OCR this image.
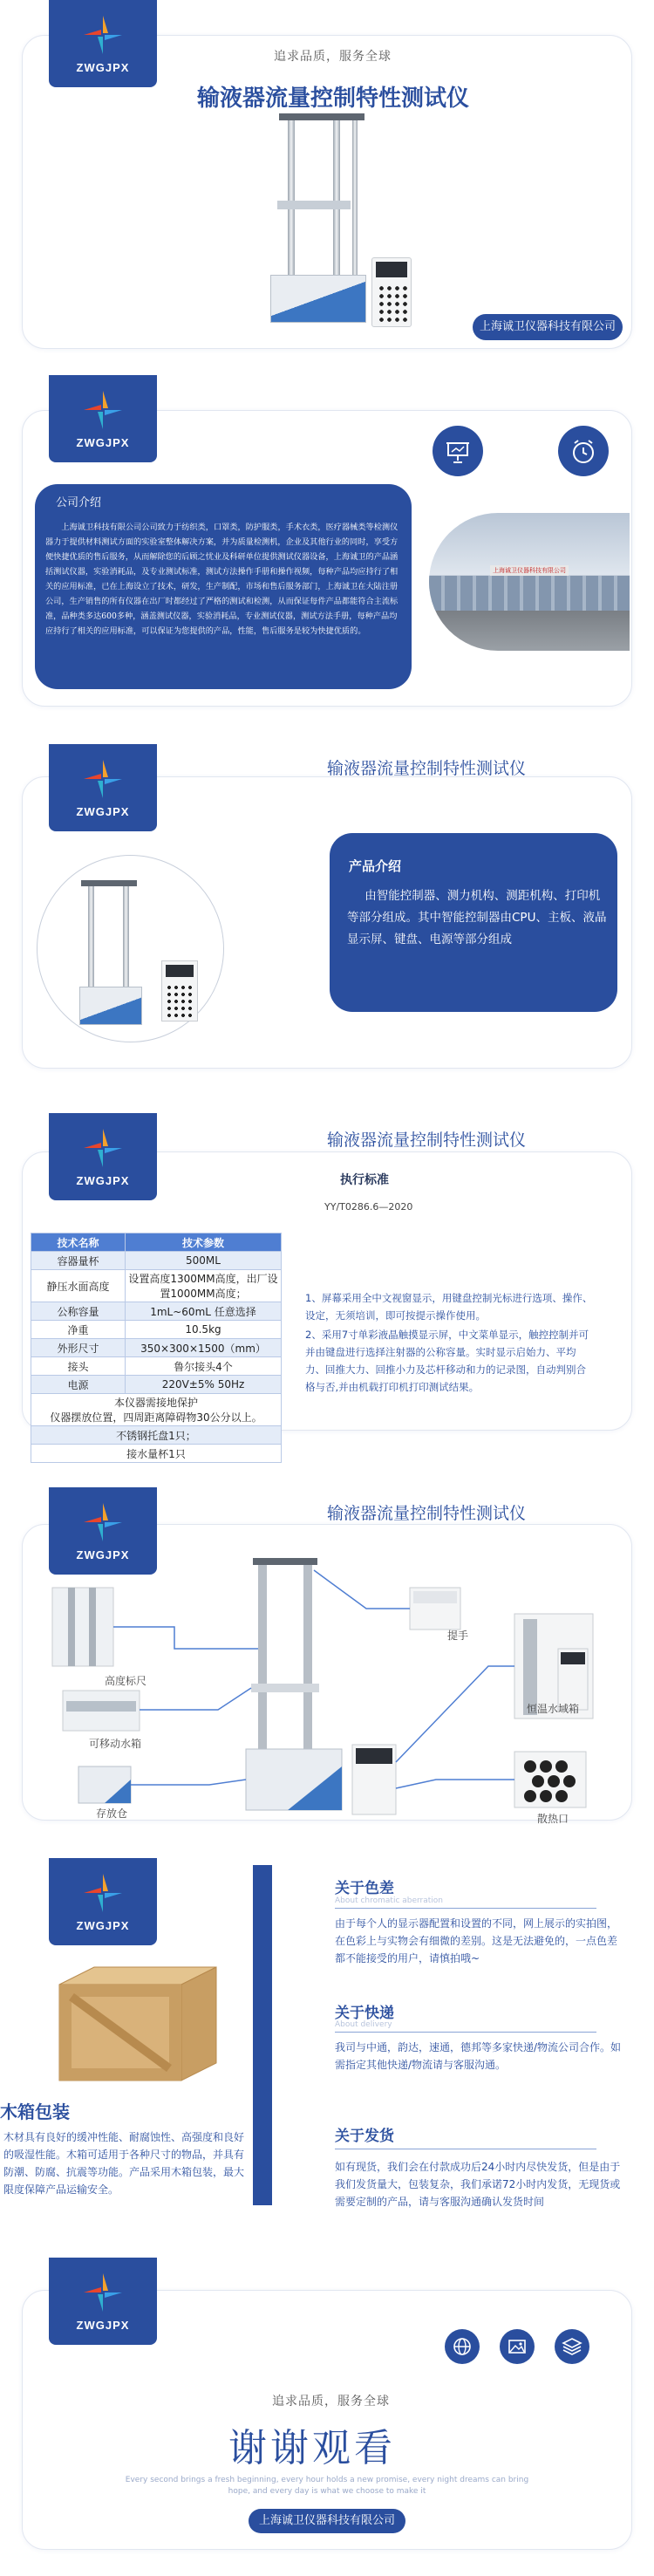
ZWGJPX
追求品质，服务全球
输液器流量控制特性测试仪
上海诚卫仪器科技有限公司
ZWGJPX
公司介绍
上海诚卫科技有限公司公司致力于纺织类，口罩类，防护服类，手术衣类，医疗器械类等检测仪器力于提供材料测试方面的实验室整体解决方案，并为质量检测机，企业及其他行业的同时，享受方便快捷优质的售后服务，从而解除您的后顾之忧业及科研单位提供测试仪器设备，上海诚卫的产品涵括测试仪器，实验消耗品，及专业测试标准，测试方法操作手册和操作视频，每种产品均应持行了相关的应用标准，已在上海设立了技术，研发，生产制配，市场和售后服务部门，上海诚卫在大陆注册公司，生产销售的所有仪器在出厂时都经过了严格的测试和检测，从而保证每件产品都能符合主流标准，品种类多达600多种，涵盖测试仪器，实验消耗品，专业测试仪器，测试方法手册，每种产品均应持行了相关的应用标准，可以保证为您提供的产品，性能，售后服务是较为快捷优质的。
上海诚卫仪器科技有限公司
ZWGJPX
输液器流量控制特性测试仪
产品介绍
由智能控制器、测力机构、测距机构、打印机等部分组成。其中智能控制器由CPU、主板、液晶显示屏、键盘、电源等部分组成
ZWGJPX
输液器流量控制特性测试仪
执行标准
YY/T0286.6—2020
技术名称	技术参数
容器量杯	500ML
静压水面高度	设置高度1300MM高度，出厂设置1000MM高度；
公称容量	1mL~60mL 任意选择
净重	10.5kg
外形尺寸	350×300×1500（mm）
接头	鲁尔接头4个
电源	220V±5% 50Hz

本仪器需接地保护
仪器摆放位置，四周距离障碍物30公分以上。	

不锈钢托盘1只；	
接水量杯1只	

1、屏幕采用全中文视窗显示，用键盘控制光标进行选项、操作、设定，无须培训，即可按提示操作使用。

2、采用7寸单彩液晶触摸显示屏，中文菜单显示，触控控制并可并由键盘进行选择注射器的公称容量。实时显示启始力、平均力、回推大力、回推小力及芯杆移动和力的记录图，自动判别合格与否,并由机载打印机打印测试结果。

ZWGJPX
输液器流量控制特性测试仪
高度标尺
可移动水箱
存放仓
提手
恒温水域箱
散热口
ZWGJPX
木箱包装
木材具有良好的缓冲性能、耐腐蚀性、高强度和良好的吸湿性能。木箱可适用于各种尺寸的物品，并具有防潮、防腐、抗震等功能。产品采用木箱包装，最大限度保障产品运输安全。
关于色差
About chromatic aberration
由于每个人的显示器配置和设置的不同，网上展示的实拍图，在色彩上与实物会有细微的差别。这是无法避免的，一点色差都不能接受的用户，请慎拍哦~
关于快递
About delivery
我司与中通，韵达，速通，德邦等多家快递/物流公司合作。如需指定其他快递/物流请与客服沟通。
关于发货
如有现货，我们会在付款成功后24小时内尽快发货，但是由于我们发货量大，包装复杂，我们承诺72小时内发货，无现货或需要定制的产品，请与客服沟通确认发货时间
ZWGJPX
追求品质，服务全球
谢谢观看
Every second brings a fresh beginning, every hour holds a new promise, every night dreams can bring
hope, and every day is what we choose to make it
上海诚卫仪器科技有限公司
